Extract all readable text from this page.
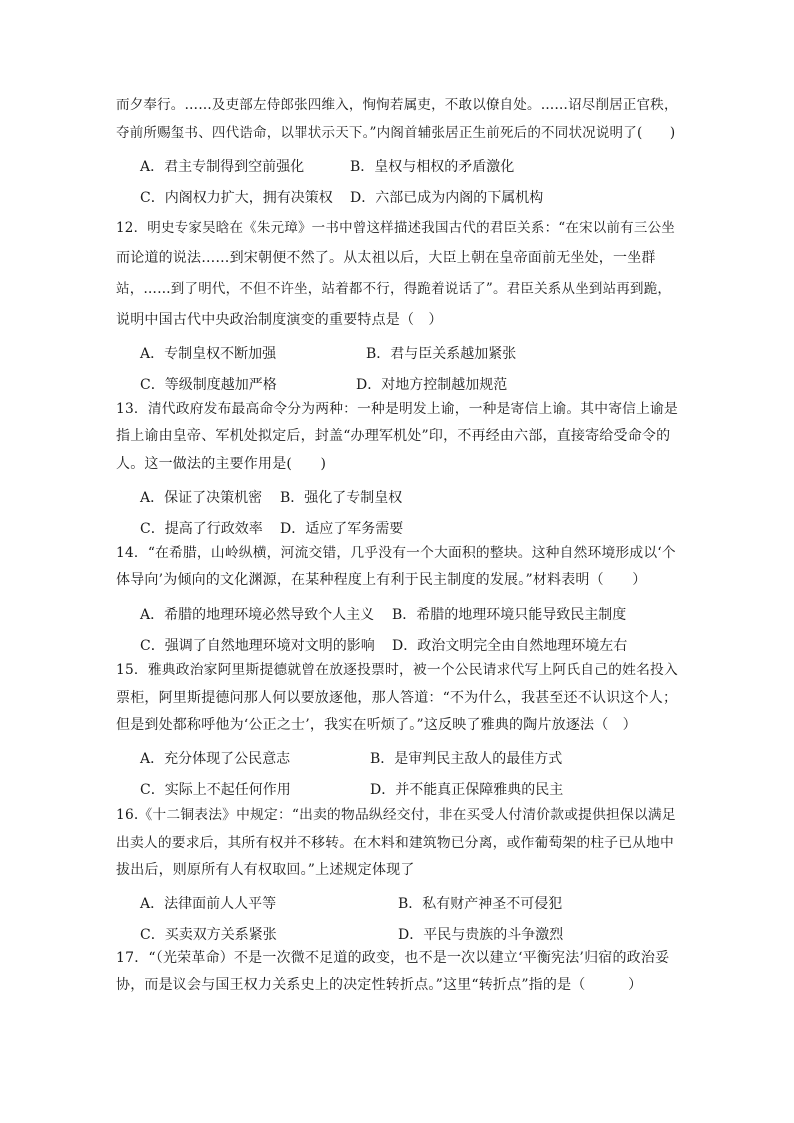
而夕奉行。……及吏部左侍郎张四维入，恂恂若属吏，不敢以僚自处。……诏尽削居正官秩，
夺前所赐玺书、四代诰命，以罪状示天下。”内阁首辅张居正生前死后的不同状况说明了(　　)
A．君主专制得到空前强化	B．皇权与相权的矛盾激化
C．内阁权力扩大，拥有决策权 D．六部已成为内阁的下属机构
12．明史专家吴晗在《朱元璋》一书中曾这样描述我国古代的君臣关系：“在宋以前有三公坐
而论道的说法……到宋朝便不然了。从太祖以后，大臣上朝在皇帝面前无坐处，一坐群
站，……到了明代，不但不许坐，站着都不行，得跪着说话了”。君臣关系从坐到站再到跪，
说明中国古代中央政治制度演变的重要特点是（　）
A．专制皇权不断加强	B．君与臣关系越加紧张
C．等级制度越加严格	D．对地方控制越加规范
13．清代政府发布最高命令分为两种：一种是明发上谕，一种是寄信上谕。其中寄信上谕是
指上谕由皇帝、军机处拟定后，封盖“办理军机处”印，不再经由六部，直接寄给受命令的
人。这一做法的主要作用是(　　)
A．保证了决策机密 B．强化了专制皇权
C．提高了行政效率 D．适应了军务需要
14．“在希腊，山岭纵横，河流交错，几乎没有一个大面积的整块。这种自然环境形成以‘个
体导向’为倾向的文化渊源，在某种程度上有利于民主制度的发展。”材料表明（　　）
A．希腊的地理环境必然导致个人主义 B．希腊的地理环境只能导致民主制度
C．强调了自然地理环境对文明的影响 D．政治文明完全由自然地理环境左右
15．雅典政治家阿里斯提德就曾在放逐投票时，被一个公民请求代写上阿氏自己的姓名投入
票柜，阿里斯提德问那人何以要放逐他，那人答道：“不为什么，我甚至还不认识这个人；
但是到处都称呼他为‘公正之士’，我实在听烦了。”这反映了雅典的陶片放逐法（　）
A．充分体现了公民意志	B．是审判民主敌人的最佳方式
C．实际上不起任何作用	D．并不能真正保障雅典的民主
16.《十二铜表法》中规定：“出卖的物品纵经交付，非在买受人付清价款或提供担保以满足
出卖人的要求后，其所有权并不移转。在木料和建筑物已分离，或作葡萄架的柱子已从地中
拔出后，则原所有人有权取回。”上述规定体现了
A．法律面前人人平等	B．私有财产神圣不可侵犯
C．买卖双方关系紧张	D．平民与贵族的斗争激烈
17．“（光荣革命）不是一次微不足道的政变，也不是一次以建立‘平衡宪法’归宿的政治妥
协，而是议会与国王权力关系史上的决定性转折点。”这里“转折点”指的是（　　　）
